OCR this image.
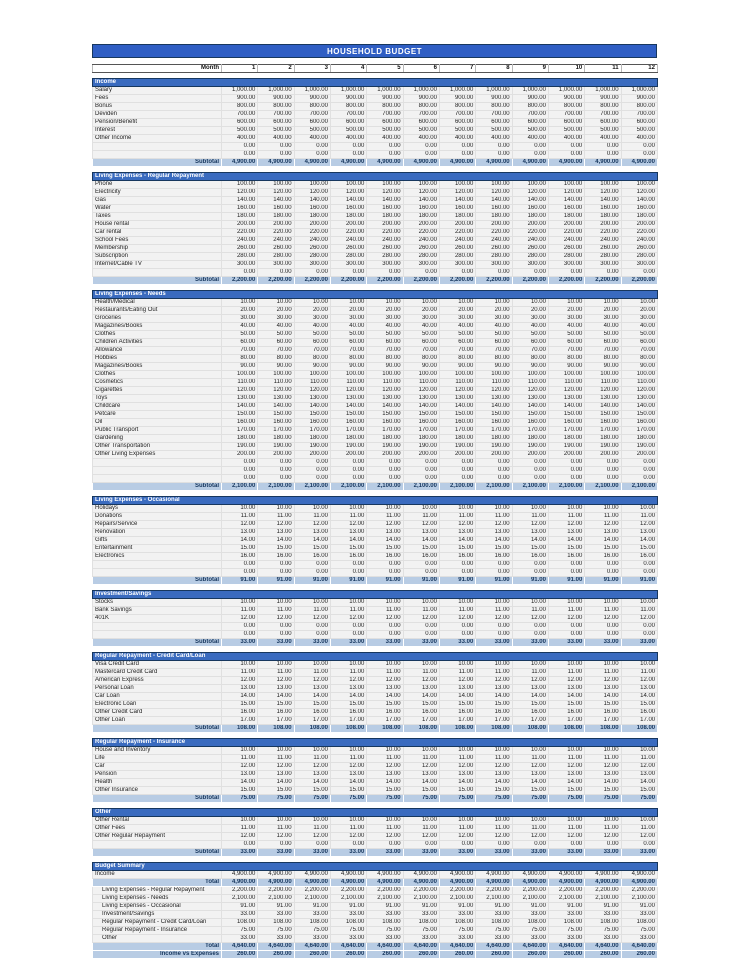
HOUSEHOLD BUDGET
Month	1	2	3	4	5	6	7	8	9	10	11	12
Income												
Salary	1,000.00	1,000.00	1,000.00	1,000.00	1,000.00	1,000.00	1,000.00	1,000.00	1,000.00	1,000.00	1,000.00	1,000.00
Fees	900.00	900.00	900.00	900.00	900.00	900.00	900.00	900.00	900.00	900.00	900.00	900.00
Bonus	800.00	800.00	800.00	800.00	800.00	800.00	800.00	800.00	800.00	800.00	800.00	800.00
Deviden	700.00	700.00	700.00	700.00	700.00	700.00	700.00	700.00	700.00	700.00	700.00	700.00
Pension/Benefit	600.00	600.00	600.00	600.00	600.00	600.00	600.00	600.00	600.00	600.00	600.00	600.00
Interest	500.00	500.00	500.00	500.00	500.00	500.00	500.00	500.00	500.00	500.00	500.00	500.00
Other Income	400.00	400.00	400.00	400.00	400.00	400.00	400.00	400.00	400.00	400.00	400.00	400.00
	0.00	0.00	0.00	0.00	0.00	0.00	0.00	0.00	0.00	0.00	0.00	0.00
	0.00	0.00	0.00	0.00	0.00	0.00	0.00	0.00	0.00	0.00	0.00	0.00
Subtotal	4,900.00	4,900.00	4,900.00	4,900.00	4,900.00	4,900.00	4,900.00	4,900.00	4,900.00	4,900.00	4,900.00	4,900.00
Living Expenses - Regular Repayment												
Phone	100.00	100.00	100.00	100.00	100.00	100.00	100.00	100.00	100.00	100.00	100.00	100.00
Electricity	120.00	120.00	120.00	120.00	120.00	120.00	120.00	120.00	120.00	120.00	120.00	120.00
Gas	140.00	140.00	140.00	140.00	140.00	140.00	140.00	140.00	140.00	140.00	140.00	140.00
Water	160.00	160.00	160.00	160.00	160.00	160.00	160.00	160.00	160.00	160.00	160.00	160.00
Taxes	180.00	180.00	180.00	180.00	180.00	180.00	180.00	180.00	180.00	180.00	180.00	180.00
House rental	200.00	200.00	200.00	200.00	200.00	200.00	200.00	200.00	200.00	200.00	200.00	200.00
Car rental	220.00	220.00	220.00	220.00	220.00	220.00	220.00	220.00	220.00	220.00	220.00	220.00
School Fees	240.00	240.00	240.00	240.00	240.00	240.00	240.00	240.00	240.00	240.00	240.00	240.00
Membership	260.00	260.00	260.00	260.00	260.00	260.00	260.00	260.00	260.00	260.00	260.00	260.00
Subscription	280.00	280.00	280.00	280.00	280.00	280.00	280.00	280.00	280.00	280.00	280.00	280.00
Internet/Cable TV	300.00	300.00	300.00	300.00	300.00	300.00	300.00	300.00	300.00	300.00	300.00	300.00
	0.00	0.00	0.00	0.00	0.00	0.00	0.00	0.00	0.00	0.00	0.00	0.00
Subtotal	2,200.00	2,200.00	2,200.00	2,200.00	2,200.00	2,200.00	2,200.00	2,200.00	2,200.00	2,200.00	2,200.00	2,200.00
Living Expenses - Needs												
Health/Medical	10.00	10.00	10.00	10.00	10.00	10.00	10.00	10.00	10.00	10.00	10.00	10.00
Restaurants/Eating Out	20.00	20.00	20.00	20.00	20.00	20.00	20.00	20.00	20.00	20.00	20.00	20.00
Groceries	30.00	30.00	30.00	30.00	30.00	30.00	30.00	30.00	30.00	30.00	30.00	30.00
Magazines/Books	40.00	40.00	40.00	40.00	40.00	40.00	40.00	40.00	40.00	40.00	40.00	40.00
Clothes	50.00	50.00	50.00	50.00	50.00	50.00	50.00	50.00	50.00	50.00	50.00	50.00
Children Activities	60.00	60.00	60.00	60.00	60.00	60.00	60.00	60.00	60.00	60.00	60.00	60.00
Allowance	70.00	70.00	70.00	70.00	70.00	70.00	70.00	70.00	70.00	70.00	70.00	70.00
Hobbies	80.00	80.00	80.00	80.00	80.00	80.00	80.00	80.00	80.00	80.00	80.00	80.00
Magazines/Books	90.00	90.00	90.00	90.00	90.00	90.00	90.00	90.00	90.00	90.00	90.00	90.00
Clothes	100.00	100.00	100.00	100.00	100.00	100.00	100.00	100.00	100.00	100.00	100.00	100.00
Cosmetics	110.00	110.00	110.00	110.00	110.00	110.00	110.00	110.00	110.00	110.00	110.00	110.00
Cigarettes	120.00	120.00	120.00	120.00	120.00	120.00	120.00	120.00	120.00	120.00	120.00	120.00
Toys	130.00	130.00	130.00	130.00	130.00	130.00	130.00	130.00	130.00	130.00	130.00	130.00
Childcare	140.00	140.00	140.00	140.00	140.00	140.00	140.00	140.00	140.00	140.00	140.00	140.00
Petcare	150.00	150.00	150.00	150.00	150.00	150.00	150.00	150.00	150.00	150.00	150.00	150.00
Oil	160.00	160.00	160.00	160.00	160.00	160.00	160.00	160.00	160.00	160.00	160.00	160.00
Public Transport	170.00	170.00	170.00	170.00	170.00	170.00	170.00	170.00	170.00	170.00	170.00	170.00
Gardening	180.00	180.00	180.00	180.00	180.00	180.00	180.00	180.00	180.00	180.00	180.00	180.00
Other Transportation	190.00	190.00	190.00	190.00	190.00	190.00	190.00	190.00	190.00	190.00	190.00	190.00
Other Living Expenses	200.00	200.00	200.00	200.00	200.00	200.00	200.00	200.00	200.00	200.00	200.00	200.00
	0.00	0.00	0.00	0.00	0.00	0.00	0.00	0.00	0.00	0.00	0.00	0.00
	0.00	0.00	0.00	0.00	0.00	0.00	0.00	0.00	0.00	0.00	0.00	0.00
	0.00	0.00	0.00	0.00	0.00	0.00	0.00	0.00	0.00	0.00	0.00	0.00
Subtotal	2,100.00	2,100.00	2,100.00	2,100.00	2,100.00	2,100.00	2,100.00	2,100.00	2,100.00	2,100.00	2,100.00	2,100.00
Living Expenses - Occasional												
Holidays	10.00	10.00	10.00	10.00	10.00	10.00	10.00	10.00	10.00	10.00	10.00	10.00
Donations	11.00	11.00	11.00	11.00	11.00	11.00	11.00	11.00	11.00	11.00	11.00	11.00
Repairs/Service	12.00	12.00	12.00	12.00	12.00	12.00	12.00	12.00	12.00	12.00	12.00	12.00
Renovation	13.00	13.00	13.00	13.00	13.00	13.00	13.00	13.00	13.00	13.00	13.00	13.00
Gifts	14.00	14.00	14.00	14.00	14.00	14.00	14.00	14.00	14.00	14.00	14.00	14.00
Entertainment	15.00	15.00	15.00	15.00	15.00	15.00	15.00	15.00	15.00	15.00	15.00	15.00
Electronics	16.00	16.00	16.00	16.00	16.00	16.00	16.00	16.00	16.00	16.00	16.00	16.00
	0.00	0.00	0.00	0.00	0.00	0.00	0.00	0.00	0.00	0.00	0.00	0.00
	0.00	0.00	0.00	0.00	0.00	0.00	0.00	0.00	0.00	0.00	0.00	0.00
Subtotal	91.00	91.00	91.00	91.00	91.00	91.00	91.00	91.00	91.00	91.00	91.00	91.00
Investment/Savings												
Stocks	10.00	10.00	10.00	10.00	10.00	10.00	10.00	10.00	10.00	10.00	10.00	10.00
Bank Savings	11.00	11.00	11.00	11.00	11.00	11.00	11.00	11.00	11.00	11.00	11.00	11.00
401K	12.00	12.00	12.00	12.00	12.00	12.00	12.00	12.00	12.00	12.00	12.00	12.00
	0.00	0.00	0.00	0.00	0.00	0.00	0.00	0.00	0.00	0.00	0.00	0.00
	0.00	0.00	0.00	0.00	0.00	0.00	0.00	0.00	0.00	0.00	0.00	0.00
Subtotal	33.00	33.00	33.00	33.00	33.00	33.00	33.00	33.00	33.00	33.00	33.00	33.00
Regular Repayment - Credit Card/Loan												
Visa Credit Card	10.00	10.00	10.00	10.00	10.00	10.00	10.00	10.00	10.00	10.00	10.00	10.00
Mastercard Credit Card	11.00	11.00	11.00	11.00	11.00	11.00	11.00	11.00	11.00	11.00	11.00	11.00
American Express	12.00	12.00	12.00	12.00	12.00	12.00	12.00	12.00	12.00	12.00	12.00	12.00
Personal Loan	13.00	13.00	13.00	13.00	13.00	13.00	13.00	13.00	13.00	13.00	13.00	13.00
Car Loan	14.00	14.00	14.00	14.00	14.00	14.00	14.00	14.00	14.00	14.00	14.00	14.00
Electronic Loan	15.00	15.00	15.00	15.00	15.00	15.00	15.00	15.00	15.00	15.00	15.00	15.00
Other Credit Card	16.00	16.00	16.00	16.00	16.00	16.00	16.00	16.00	16.00	16.00	16.00	16.00
Other Loan	17.00	17.00	17.00	17.00	17.00	17.00	17.00	17.00	17.00	17.00	17.00	17.00
Subtotal	108.00	108.00	108.00	108.00	108.00	108.00	108.00	108.00	108.00	108.00	108.00	108.00
Regular Repayment - Insurance												
House and Inventory	10.00	10.00	10.00	10.00	10.00	10.00	10.00	10.00	10.00	10.00	10.00	10.00
Life	11.00	11.00	11.00	11.00	11.00	11.00	11.00	11.00	11.00	11.00	11.00	11.00
Car	12.00	12.00	12.00	12.00	12.00	12.00	12.00	12.00	12.00	12.00	12.00	12.00
Pension	13.00	13.00	13.00	13.00	13.00	13.00	13.00	13.00	13.00	13.00	13.00	13.00
Health	14.00	14.00	14.00	14.00	14.00	14.00	14.00	14.00	14.00	14.00	14.00	14.00
Other Insurance	15.00	15.00	15.00	15.00	15.00	15.00	15.00	15.00	15.00	15.00	15.00	15.00
Subtotal	75.00	75.00	75.00	75.00	75.00	75.00	75.00	75.00	75.00	75.00	75.00	75.00
Other												
Other Rental	10.00	10.00	10.00	10.00	10.00	10.00	10.00	10.00	10.00	10.00	10.00	10.00
Other Fees	11.00	11.00	11.00	11.00	11.00	11.00	11.00	11.00	11.00	11.00	11.00	11.00
Other Regular Repayment	12.00	12.00	12.00	12.00	12.00	12.00	12.00	12.00	12.00	12.00	12.00	12.00
	0.00	0.00	0.00	0.00	0.00	0.00	0.00	0.00	0.00	0.00	0.00	0.00
Subtotal	33.00	33.00	33.00	33.00	33.00	33.00	33.00	33.00	33.00	33.00	33.00	33.00
Budget Summary												
Income	4,900.00	4,900.00	4,900.00	4,900.00	4,900.00	4,900.00	4,900.00	4,900.00	4,900.00	4,900.00	4,900.00	4,900.00
Total	4,900.00	4,900.00	4,900.00	4,900.00	4,900.00	4,900.00	4,900.00	4,900.00	4,900.00	4,900.00	4,900.00	4,900.00
Living Expenses - Regular Repayment	2,200.00	2,200.00	2,200.00	2,200.00	2,200.00	2,200.00	2,200.00	2,200.00	2,200.00	2,200.00	2,200.00	2,200.00
Living Expenses - Needs	2,100.00	2,100.00	2,100.00	2,100.00	2,100.00	2,100.00	2,100.00	2,100.00	2,100.00	2,100.00	2,100.00	2,100.00
Living Expenses - Occasional	91.00	91.00	91.00	91.00	91.00	91.00	91.00	91.00	91.00	91.00	91.00	91.00
Investment/Savings	33.00	33.00	33.00	33.00	33.00	33.00	33.00	33.00	33.00	33.00	33.00	33.00
Regular Repayment - Credit Card/Loan	108.00	108.00	108.00	108.00	108.00	108.00	108.00	108.00	108.00	108.00	108.00	108.00
Regular Repayment - Insurance	75.00	75.00	75.00	75.00	75.00	75.00	75.00	75.00	75.00	75.00	75.00	75.00
Other	33.00	33.00	33.00	33.00	33.00	33.00	33.00	33.00	33.00	33.00	33.00	33.00
Total	4,640.00	4,640.00	4,640.00	4,640.00	4,640.00	4,640.00	4,640.00	4,640.00	4,640.00	4,640.00	4,640.00	4,640.00
Income vs Expenses	260.00	260.00	260.00	260.00	260.00	260.00	260.00	260.00	260.00	260.00	260.00	260.00
